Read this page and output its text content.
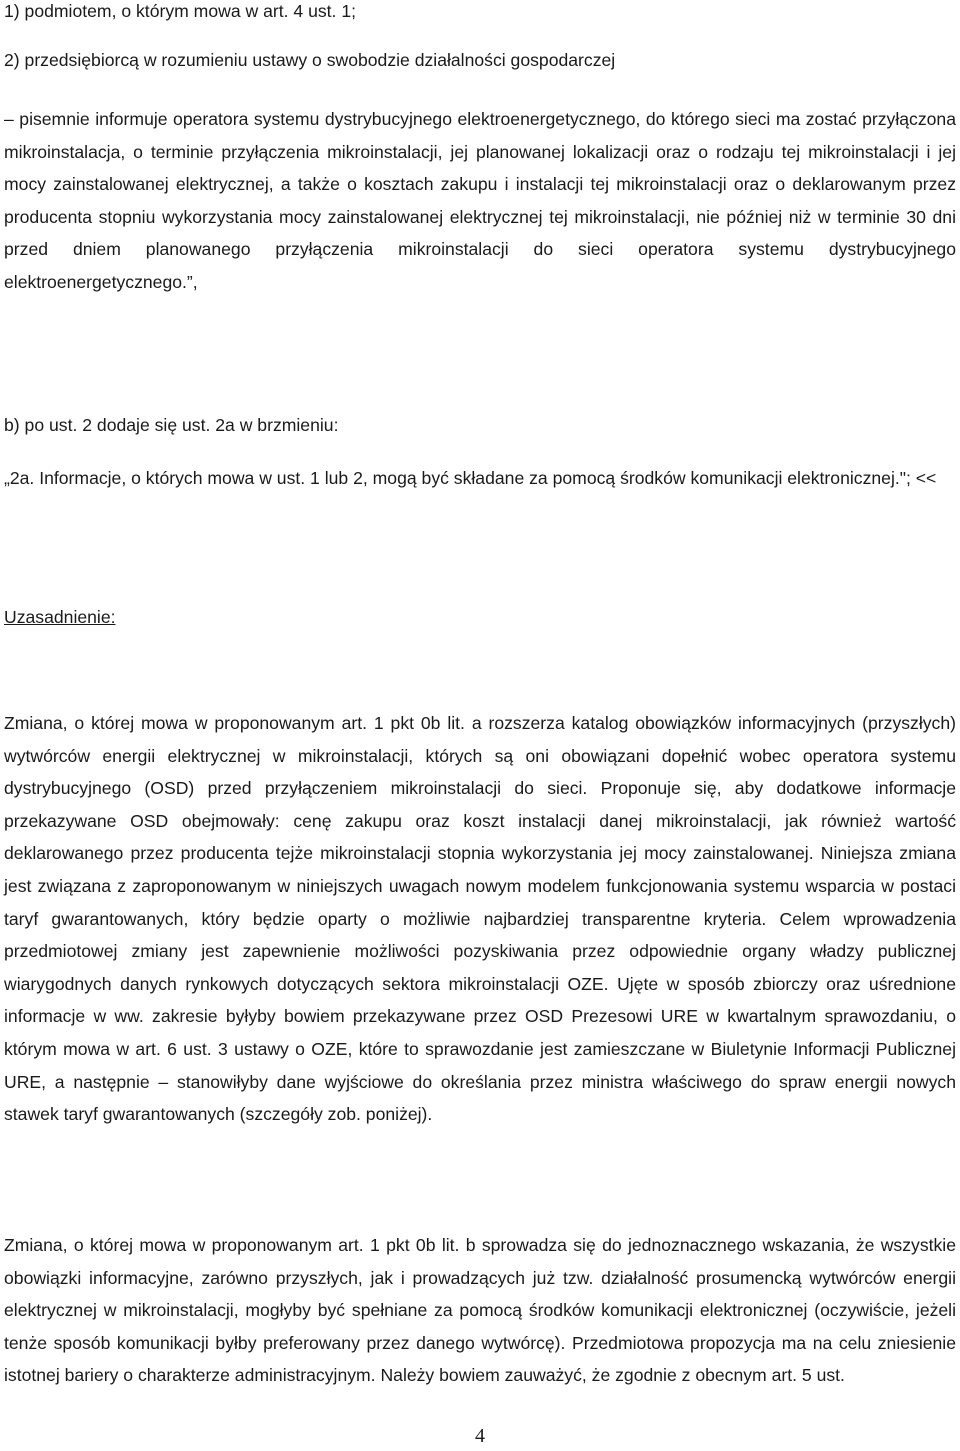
1) podmiotem, o którym mowa w art. 4 ust. 1;

2) przedsiębiorcą w rozumieniu ustawy o swobodzie działalności gospodarczej

– pisemnie informuje operatora systemu dystrybucyjnego elektroenergetycznego, do którego sieci ma zostać przyłączona mikroinstalacja, o terminie przyłączenia mikroinstalacji, jej planowanej lokalizacji oraz o rodzaju tej mikroinstalacji i jej mocy zainstalowanej elektrycznej, a także o kosztach zakupu i instalacji tej mikroinstalacji oraz o deklarowanym przez producenta stopniu wykorzystania mocy zainstalowanej elektrycznej tej mikroinstalacji, nie później niż w terminie 30 dni przed dniem planowanego przyłączenia mikroinstalacji do sieci operatora systemu dystrybucyjnego elektroenergetycznego.”,

b) po ust. 2 dodaje się ust. 2a w brzmieniu:

„2a. Informacje, o których mowa w ust. 1 lub 2, mogą być składane za pomocą środków komunikacji elektronicznej."; <<

Uzasadnienie:

Zmiana, o której mowa w proponowanym art. 1 pkt 0b lit. a rozszerza katalog obowiązków informacyjnych (przyszłych) wytwórców energii elektrycznej w mikroinstalacji, których są oni obowiązani dopełnić wobec operatora systemu dystrybucyjnego (OSD) przed przyłączeniem mikroinstalacji do sieci. Proponuje się, aby dodatkowe informacje przekazywane OSD obejmowały: cenę zakupu oraz koszt instalacji danej mikroinstalacji, jak również wartość deklarowanego przez producenta tejże mikroinstalacji stopnia wykorzystania jej mocy zainstalowanej. Niniejsza zmiana jest związana z zaproponowanym w niniejszych uwagach nowym modelem funkcjonowania systemu wsparcia w postaci taryf gwarantowanych, który będzie oparty o możliwie najbardziej transparentne kryteria. Celem wprowadzenia przedmiotowej zmiany jest zapewnienie możliwości pozyskiwania przez odpowiednie organy władzy publicznej wiarygodnych danych rynkowych dotyczących sektora mikroinstalacji OZE. Ujęte w sposób zbiorczy oraz uśrednione informacje w ww. zakresie byłyby bowiem przekazywane przez OSD Prezesowi URE w kwartalnym sprawozdaniu, o którym mowa w art. 6 ust. 3 ustawy o OZE, które to sprawozdanie jest zamieszczane w Biuletynie Informacji Publicznej URE, a następnie – stanowiłyby dane wyjściowe do określania przez ministra właściwego do spraw energii nowych stawek taryf gwarantowanych (szczegóły zob. poniżej).

Zmiana, o której mowa w proponowanym art. 1 pkt 0b lit. b sprowadza się do jednoznacznego wskazania, że wszystkie obowiązki informacyjne, zarówno przyszłych, jak i prowadzących już tzw. działalność prosumencką wytwórców energii elektrycznej w mikroinstalacji, mogłyby być spełniane za pomocą środków komunikacji elektronicznej (oczywiście, jeżeli tenże sposób komunikacji byłby preferowany przez danego wytwórcę). Przedmiotowa propozycja ma na celu zniesienie istotnej bariery o charakterze administracyjnym. Należy bowiem zauważyć, że zgodnie z obecnym art. 5 ust.

4
